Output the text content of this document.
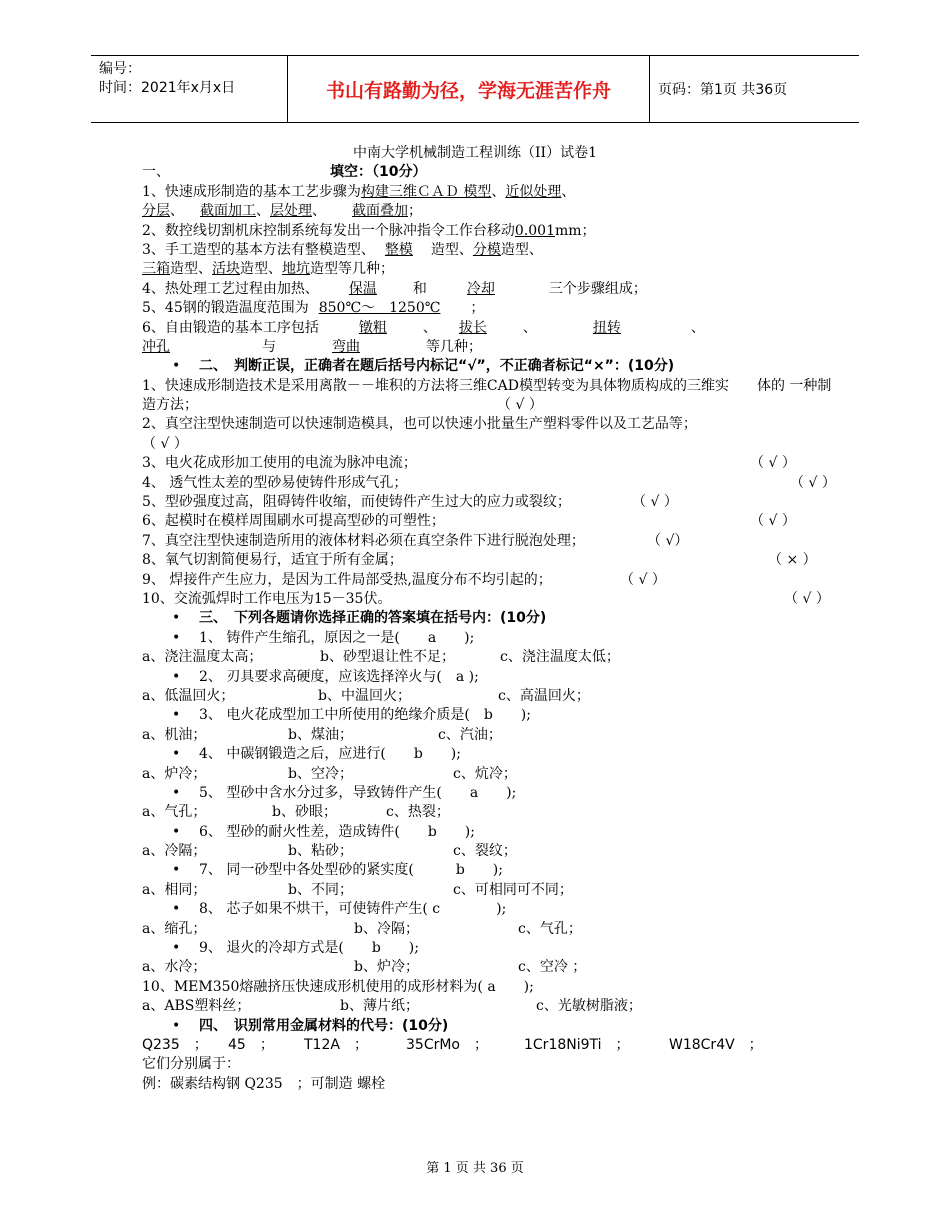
编号：
时间：2021年x月x日	书山有路勤为径，学海无涯苦作舟	页码：第1页 共36页
中南大学机械制造工程训练（II）试卷1
一、	填空：（10分）
1、快速成形制造的基本工艺步骤为构建三维ＣＡＤ 模型、近似处理、
分层、 截面加工、层处理、 截面叠加；
2、数控线切割机床控制系统每发出一个脉冲指令工作台移动0.001mm；
3、手工造型的基本方法有整模造型、 整模 造型、分模造型、
三箱造型、活块造型、地坑造型等几种；
4、热处理工艺过程由加热、 保温	和	冷却	三个步骤组成；
5、45钢的锻造温度范围为 850℃～　1250℃ ；
6、自由锻造的基本工序包括	镦粗	、 拔长	、	扭转	、
冲孔	与	弯曲	等几种；
• 二、　判断正误，正确者在题后括号内标记“√”，不正确者标记“×”：(10分)
1、快速成形制造技术是采用离散－－堆积的方法将三维CAD模型转变为具体物质构成的三维实　　体的 一种制
造方法；	（ √ ）
2、真空注型快速制造可以快速制造模具，也可以快速小批量生产塑料零件以及工艺品等；
（ √ ）
3、电火花成形加工使用的电流为脉冲电流；	（ √ ）
4、 透气性太差的型砂易使铸件形成气孔；	（ √ ）
5、型砂强度过高，阻碍铸件收缩，而使铸件产生过大的应力或裂纹；	（ √ ）
6、起模时在模样周围刷水可提高型砂的可塑性；	（ √ ）
7、真空注型快速制造所用的液体材料必须在真空条件下进行脱泡处理；	（ √）
8、氧气切割简便易行，适宜于所有金属；	（ × ）
9、 焊接件产生应力，是因为工件局部受热,温度分布不均引起的；	（ √ ）
10、交流弧焊时工作电压为15－35伏。	（ √ ）
• 三、　下列各题请你选择正确的答案填在括号内：(10分)
• 1、 铸件产生缩孔，原因之一是(　　a　　);
a、浇注温度太高；	b、砂型退让性不足；	c、浇注温度太低；
• 2、 刃具要求高硬度，应该选择淬火与(　a );
a、低温回火；	b、中温回火；	c、高温回火；
• 3、 电火花成型加工中所使用的绝缘介质是(　b　　);
a、机油；	b、煤油；	c、汽油；
• 4、 中碳钢锻造之后，应进行(　　b　　);
a、炉冷；	b、空冷；	c、炕冷；
• 5、 型砂中含水分过多，导致铸件产生(　　a　　);
a、气孔；	b、砂眼；	c、热裂；
• 6、 型砂的耐火性差，造成铸件(　　b　　);
a、冷隔；	b、粘砂；	c、裂纹；
• 7、 同一砂型中各处型砂的紧实度(　　　b　　);
a、相同；	b、不同；	c、可相同可不同；
• 8、 芯子如果不烘干，可使铸件产生( c　　　　);
a、缩孔；	b、冷隔；	c、气孔；
• 9、 退火的冷却方式是(　　b　　);
a、水冷；	b、炉冷；	c、空冷 ；
10、MEM350熔融挤压快速成形机使用的成形材料为( a　　);
a、ABS塑料丝；	b、薄片纸；	c、光敏树脂液；
• 四、　识别常用金属材料的代号：(10分)
Q235　； 45　； T12A　；	35CrMo　；	1Cr18Ni9Ti　；	W18Cr4V　；
它们分别属于：
例：碳素结构钢 Q235　；可制造 螺栓
第 1 页 共 36 页
